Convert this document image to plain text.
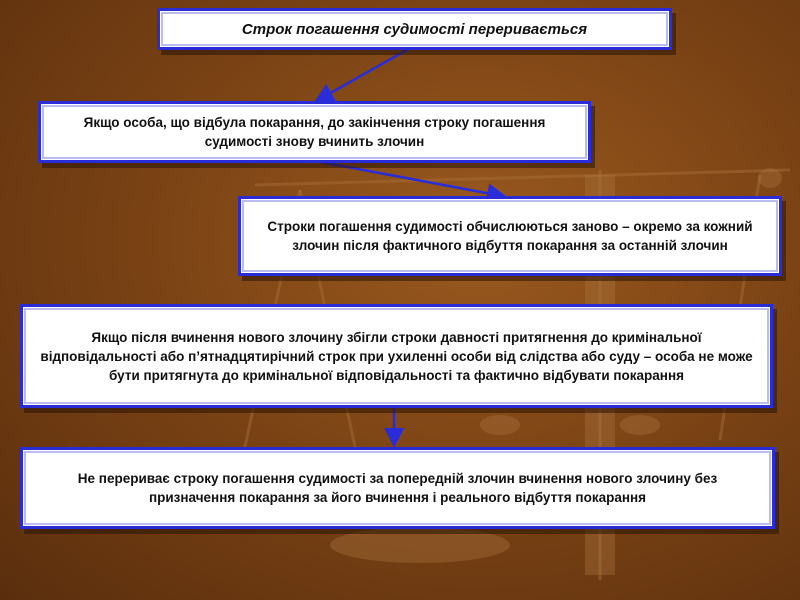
Строк погашення судимості переривається
Якщо особа, що відбула покарання, до закінчення строку погашення судимості знову вчинить злочин
Строки погашення судимості обчислюються заново – окремо за кожний злочин після фактичного відбуття покарання за останній злочин
Якщо після вчинення нового злочину збігли строки давності притягнення до кримінальної відповідальності або п’ятнадцятирічний строк при ухиленні особи від слідства або суду – особа не може бути притягнута до кримінальної відповідальності та фактично відбувати покарання
Не перериває строку погашення судимості за попередній злочин вчинення нового злочину без призначення покарання за його вчинення і реального відбуття покарання
